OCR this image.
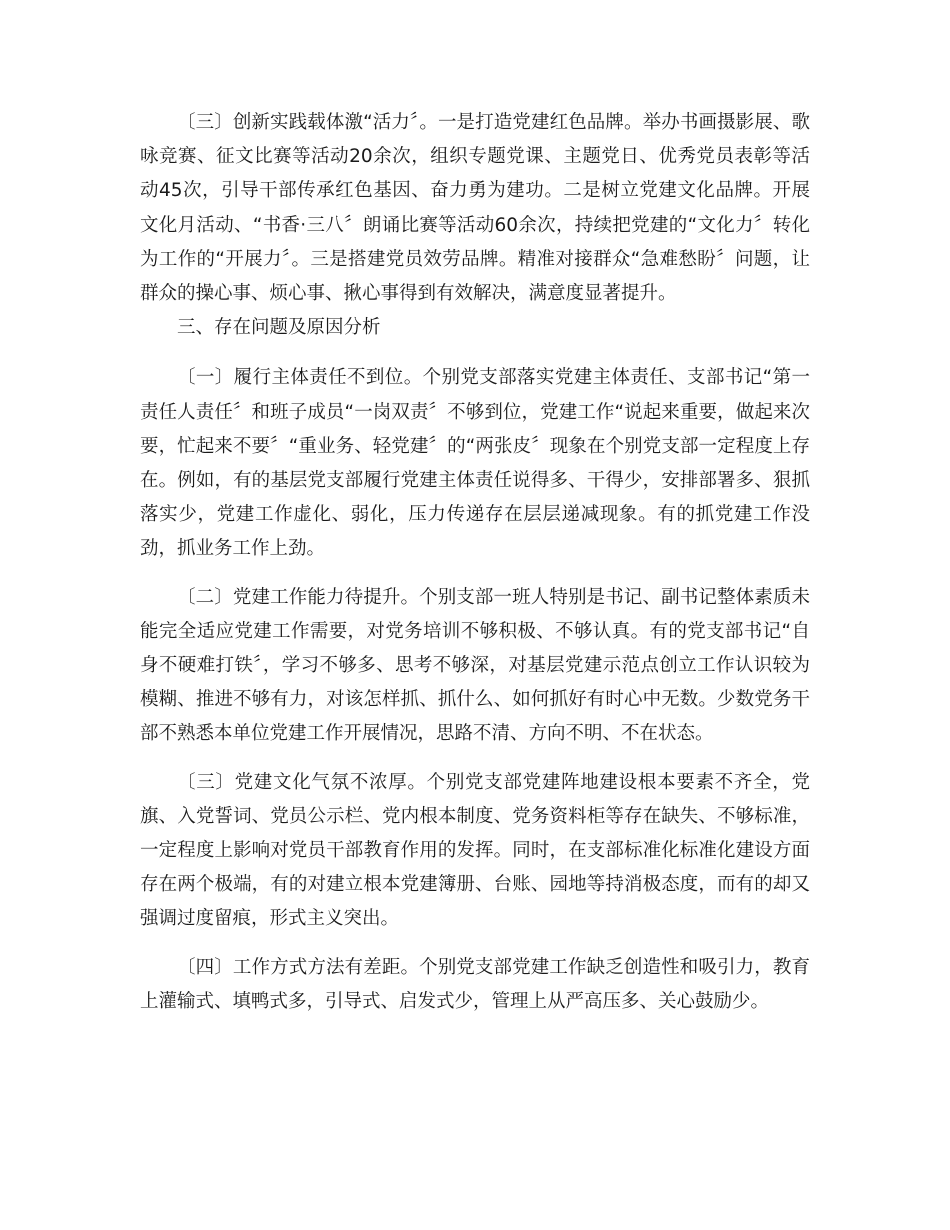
〔三〕创新实践载体激“活力〞。一是打造党建红色品牌。举办书画摄影展、歌咏竞赛、征文比赛等活动20余次，组织专题党课、主题党日、优秀党员表彰等活动45次，引导干部传承红色基因、奋力勇为建功。二是树立党建文化品牌。开展文化月活动、“书香·三八〞朗诵比赛等活动60余次，持续把党建的“文化力〞转化为工作的“开展力〞。三是搭建党员效劳品牌。精准对接群众“急难愁盼〞问题，让群众的操心事、烦心事、揪心事得到有效解决，满意度显著提升。

三、存在问题及原因分析

〔一〕履行主体责任不到位。个别党支部落实党建主体责任、支部书记“第一责任人责任〞和班子成员“一岗双责〞不够到位，党建工作“说起来重要，做起来次要，忙起来不要〞“重业务、轻党建〞的“两张皮〞现象在个别党支部一定程度上存在。例如，有的基层党支部履行党建主体责任说得多、干得少，安排部署多、狠抓落实少，党建工作虚化、弱化，压力传递存在层层递减现象。有的抓党建工作没劲，抓业务工作上劲。

〔二〕党建工作能力待提升。个别支部一班人特别是书记、副书记整体素质未能完全适应党建工作需要，对党务培训不够积极、不够认真。有的党支部书记“自身不硬难打铁〞，学习不够多、思考不够深，对基层党建示范点创立工作认识较为模糊、推进不够有力，对该怎样抓、抓什么、如何抓好有时心中无数。少数党务干部不熟悉本单位党建工作开展情况，思路不清、方向不明、不在状态。

〔三〕党建文化气氛不浓厚。个别党支部党建阵地建设根本要素不齐全，党旗、入党誓词、党员公示栏、党内根本制度、党务资料柜等存在缺失、不够标准，一定程度上影响对党员干部教育作用的发挥。同时，在支部标准化标准化建设方面存在两个极端，有的对建立根本党建簿册、台账、园地等持消极态度，而有的却又强调过度留痕，形式主义突出。

〔四〕工作方式方法有差距。个别党支部党建工作缺乏创造性和吸引力，教育上灌输式、填鸭式多，引导式、启发式少，管理上从严高压多、关心鼓励少。
